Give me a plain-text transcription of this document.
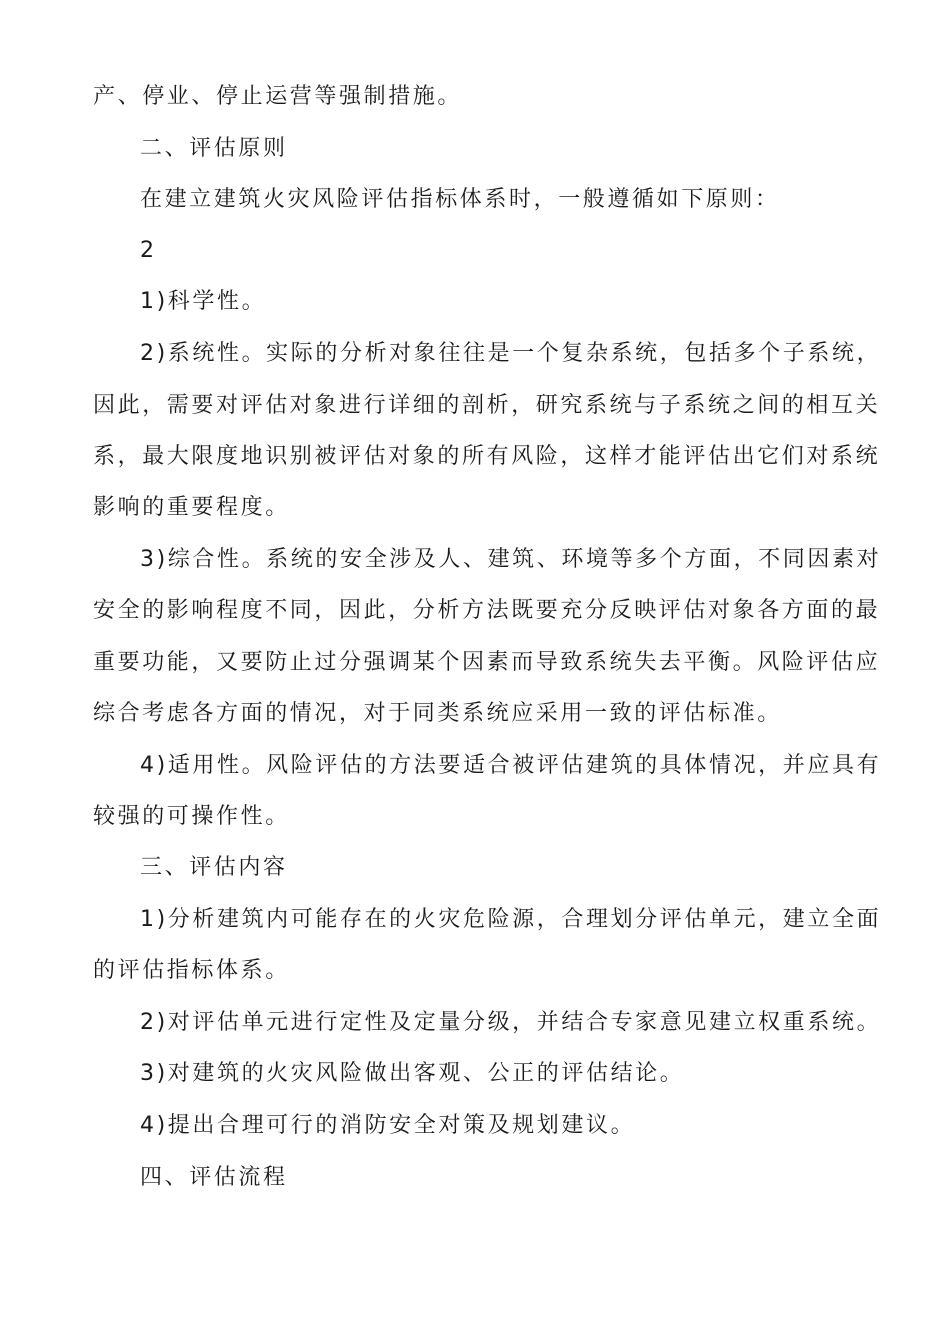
产、停业、停止运营等强制措施。
二、评估原则
在建立建筑火灾风险评估指标体系时，一般遵循如下原则：
2
1)科学性。
2)系统性。实际的分析对象往往是一个复杂系统，包括多个子系统，
因此，需要对评估对象进行详细的剖析，研究系统与子系统之间的相互关
系，最大限度地识别被评估对象的所有风险，这样才能评估出它们对系统
影响的重要程度。
3)综合性。系统的安全涉及人、建筑、环境等多个方面，不同因素对
安全的影响程度不同，因此，分析方法既要充分反映评估对象各方面的最
重要功能，又要防止过分强调某个因素而导致系统失去平衡。风险评估应
综合考虑各方面的情况，对于同类系统应采用一致的评估标准。
4)适用性。风险评估的方法要适合被评估建筑的具体情况，并应具有
较强的可操作性。
三、评估内容
1)分析建筑内可能存在的火灾危险源，合理划分评估单元，建立全面
的评估指标体系。
2)对评估单元进行定性及定量分级，并结合专家意见建立权重系统。
3)对建筑的火灾风险做出客观、公正的评估结论。
4)提出合理可行的消防安全对策及规划建议。
四、评估流程
